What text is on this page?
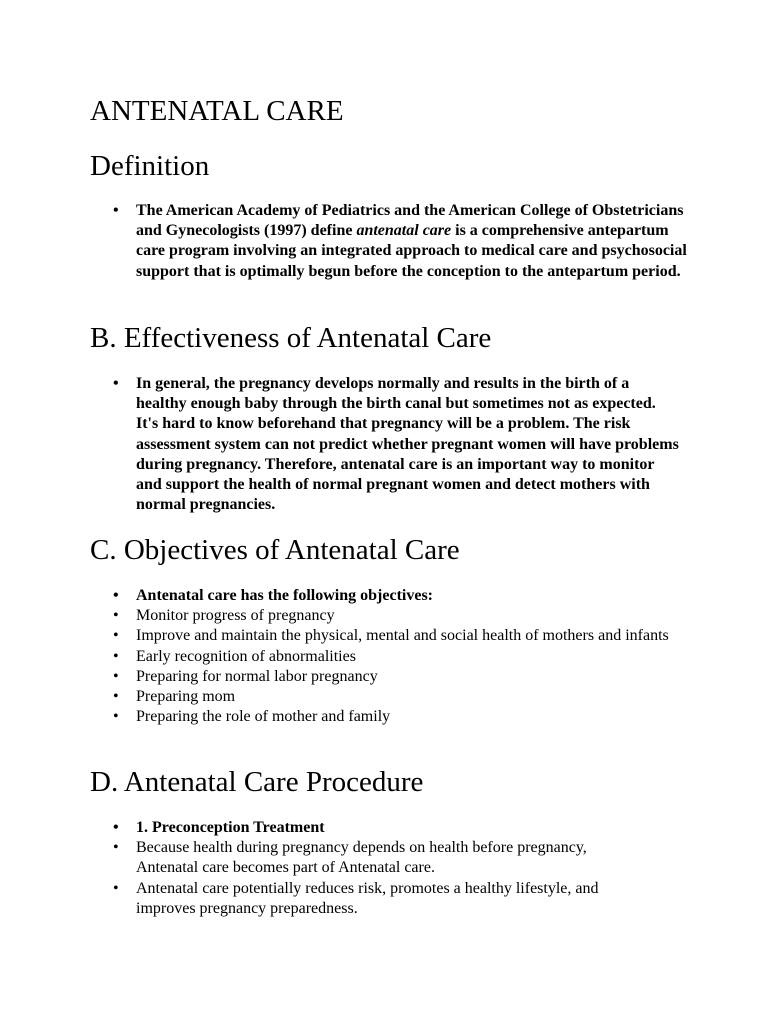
ANTENATAL CARE
Definition
• The American Academy of Pediatrics and the American College of Obstetricians and Gynecologists (1997) define antenatal care is a comprehensive antepartum care program involving an integrated approach to medical care and psychosocial support that is optimally begun before the conception to the antepartum period.
B. Effectiveness of Antenatal Care
• In general, the pregnancy develops normally and results in the birth of a healthy enough baby through the birth canal but sometimes not as expected. It's hard to know beforehand that pregnancy will be a problem. The risk assessment system can not predict whether pregnant women will have problems during pregnancy. Therefore, antenatal care is an important way to monitor and support the health of normal pregnant women and detect mothers with normal pregnancies.
C. Objectives of Antenatal Care
• Antenatal care has the following objectives:
• Monitor progress of pregnancy
• Improve and maintain the physical, mental and social health of mothers and infants
• Early recognition of abnormalities
• Preparing for normal labor pregnancy
• Preparing mom
• Preparing the role of mother and family
D. Antenatal Care Procedure
• 1. Preconception Treatment
• Because health during pregnancy depends on health before pregnancy, Antenatal care becomes part of Antenatal care.
• Antenatal care potentially reduces risk, promotes a healthy lifestyle, and improves pregnancy preparedness.
